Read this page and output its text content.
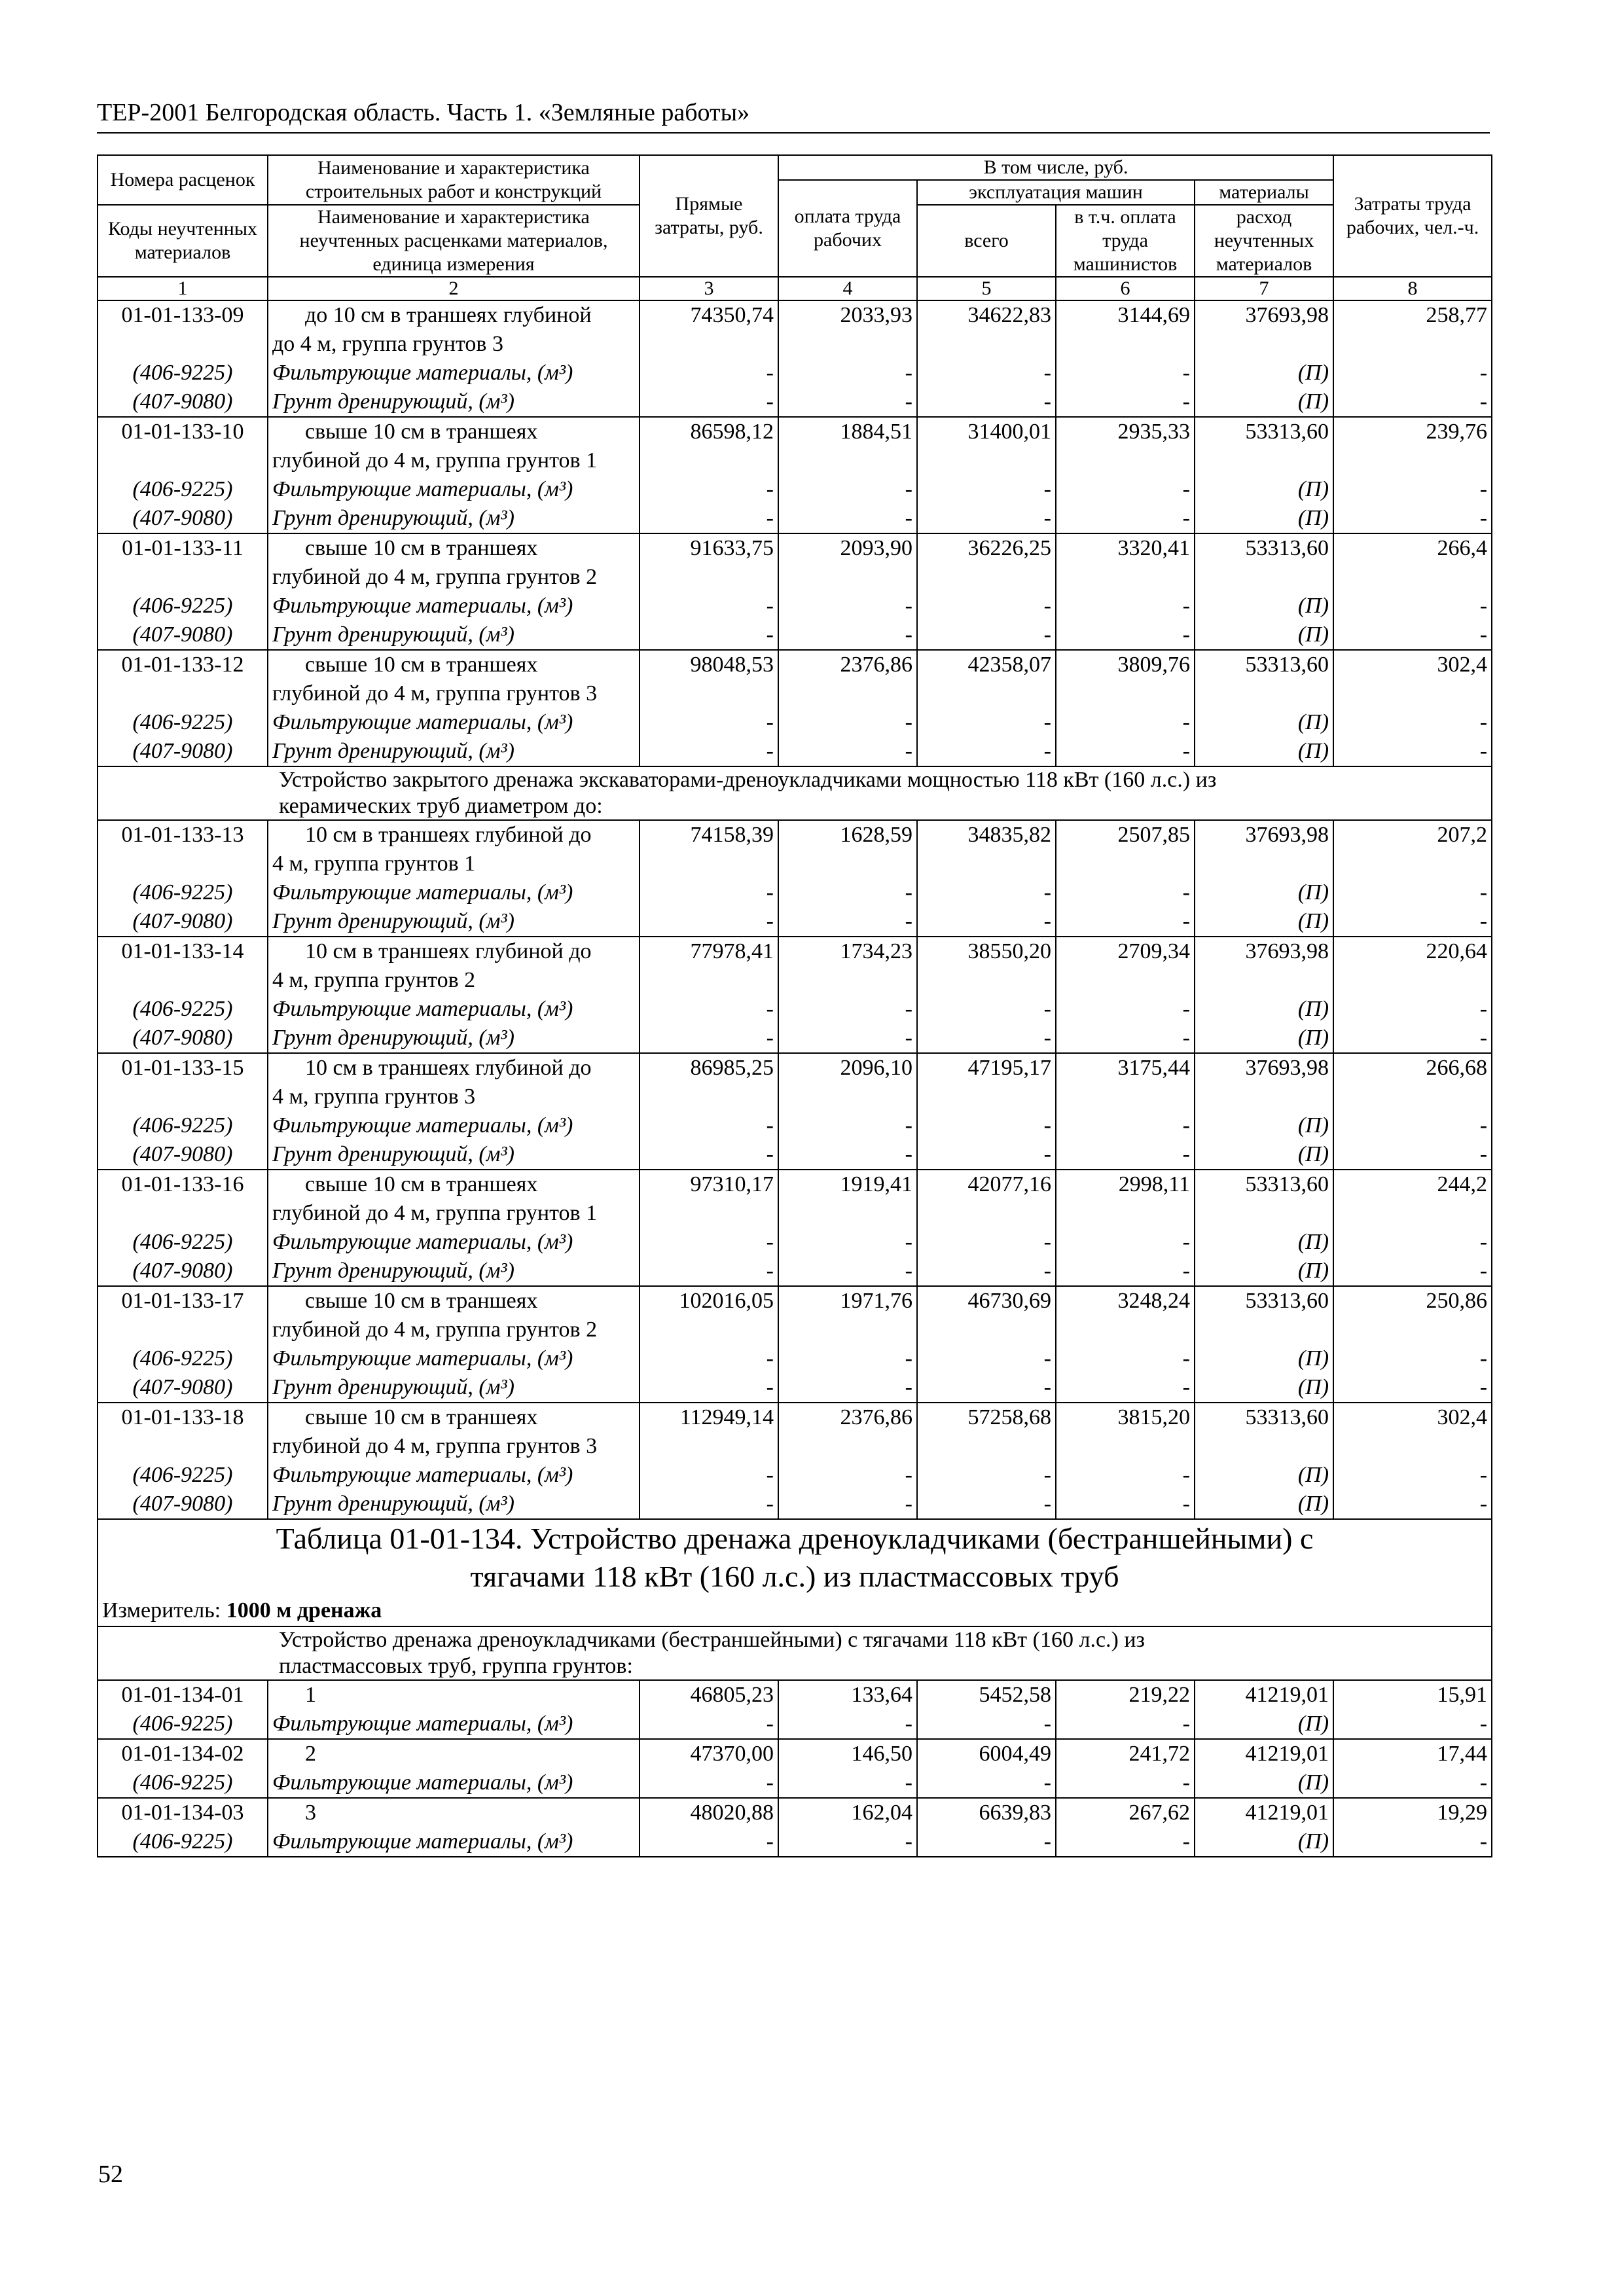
ТЕР-2001 Белгородская область. Часть 1. «Земляные работы»
Номера расценок	Наименование и характеристика строительных работ и конструкций	Прямые затраты, руб.	В том числе, руб.				Затраты труда рабочих, чел.-ч.
			оплата труда рабочих	эксплуатация машин		материалы	
Коды неучтенных материалов	Наименование и характеристика неучтенных расценками материалов, единица измерения			всего	в т.ч. оплата труда машинистов	расход неучтенных материалов	

1	2	3	4	5	6	7	8
01-01-133-09	до 10 см в траншеях глубиной	74350,74	2033,93	34622,83	3144,69	37693,98	258,77
	до 4 м, группа грунтов 3						
(406-9225)	Фильтрующие материалы, (м³)	-	-	-	-	(П)	-
(407-9080)	Грунт дренирующий, (м³)	-	-	-	-	(П)	-
01-01-133-10	свыше 10 см в траншеях	86598,12	1884,51	31400,01	2935,33	53313,60	239,76
	глубиной до 4 м, группа грунтов 1						
(406-9225)	Фильтрующие материалы, (м³)	-	-	-	-	(П)	-
(407-9080)	Грунт дренирующий, (м³)	-	-	-	-	(П)	-
01-01-133-11	свыше 10 см в траншеях	91633,75	2093,90	36226,25	3320,41	53313,60	266,4
	глубиной до 4 м, группа грунтов 2						
(406-9225)	Фильтрующие материалы, (м³)	-	-	-	-	(П)	-
(407-9080)	Грунт дренирующий, (м³)	-	-	-	-	(П)	-
01-01-133-12	свыше 10 см в траншеях	98048,53	2376,86	42358,07	3809,76	53313,60	302,4
	глубиной до 4 м, группа грунтов 3						
(406-9225)	Фильтрующие материалы, (м³)	-	-	-	-	(П)	-
(407-9080)	Грунт дренирующий, (м³)	-	-	-	-	(П)	-
Устройство закрытого дренажа экскаваторами-дреноукладчиками мощностью 118 кВт (160 л.с.) из
керамических труб диаметром до:							
01-01-133-13	10 см в траншеях глубиной до	74158,39	1628,59	34835,82	2507,85	37693,98	207,2
	4 м, группа грунтов 1						
(406-9225)	Фильтрующие материалы, (м³)	-	-	-	-	(П)	-
(407-9080)	Грунт дренирующий, (м³)	-	-	-	-	(П)	-
01-01-133-14	10 см в траншеях глубиной до	77978,41	1734,23	38550,20	2709,34	37693,98	220,64
	4 м, группа грунтов 2						
(406-9225)	Фильтрующие материалы, (м³)	-	-	-	-	(П)	-
(407-9080)	Грунт дренирующий, (м³)	-	-	-	-	(П)	-
01-01-133-15	10 см в траншеях глубиной до	86985,25	2096,10	47195,17	3175,44	37693,98	266,68
	4 м, группа грунтов 3						
(406-9225)	Фильтрующие материалы, (м³)	-	-	-	-	(П)	-
(407-9080)	Грунт дренирующий, (м³)	-	-	-	-	(П)	-
01-01-133-16	свыше 10 см в траншеях	97310,17	1919,41	42077,16	2998,11	53313,60	244,2
	глубиной до 4 м, группа грунтов 1						
(406-9225)	Фильтрующие материалы, (м³)	-	-	-	-	(П)	-
(407-9080)	Грунт дренирующий, (м³)	-	-	-	-	(П)	-
01-01-133-17	свыше 10 см в траншеях	102016,05	1971,76	46730,69	3248,24	53313,60	250,86
	глубиной до 4 м, группа грунтов 2						
(406-9225)	Фильтрующие материалы, (м³)	-	-	-	-	(П)	-
(407-9080)	Грунт дренирующий, (м³)	-	-	-	-	(П)	-
01-01-133-18	свыше 10 см в траншеях	112949,14	2376,86	57258,68	3815,20	53313,60	302,4
	глубиной до 4 м, группа грунтов 3						
(406-9225)	Фильтрующие материалы, (м³)	-	-	-	-	(П)	-
(407-9080)	Грунт дренирующий, (м³)	-	-	-	-	(П)	-
Таблица 01-01-134. Устройство дренажа дреноукладчиками (бестраншейными) с
тягачами 118 кВт (160 л.с.) из пластмассовых труб							
Измеритель: 1000 м дренажа							
Устройство дренажа дреноукладчиками (бестраншейными) с тягачами 118 кВт (160 л.с.) из
пластмассовых труб, группа грунтов:							
01-01-134-01	1	46805,23	133,64	5452,58	219,22	41219,01	15,91
(406-9225)	Фильтрующие материалы, (м³)	-	-	-	-	(П)	-
01-01-134-02	2	47370,00	146,50	6004,49	241,72	41219,01	17,44
(406-9225)	Фильтрующие материалы, (м³)	-	-	-	-	(П)	-
01-01-134-03	3	48020,88	162,04	6639,83	267,62	41219,01	19,29
(406-9225)	Фильтрующие материалы, (м³)	-	-	-	-	(П)	-
52
